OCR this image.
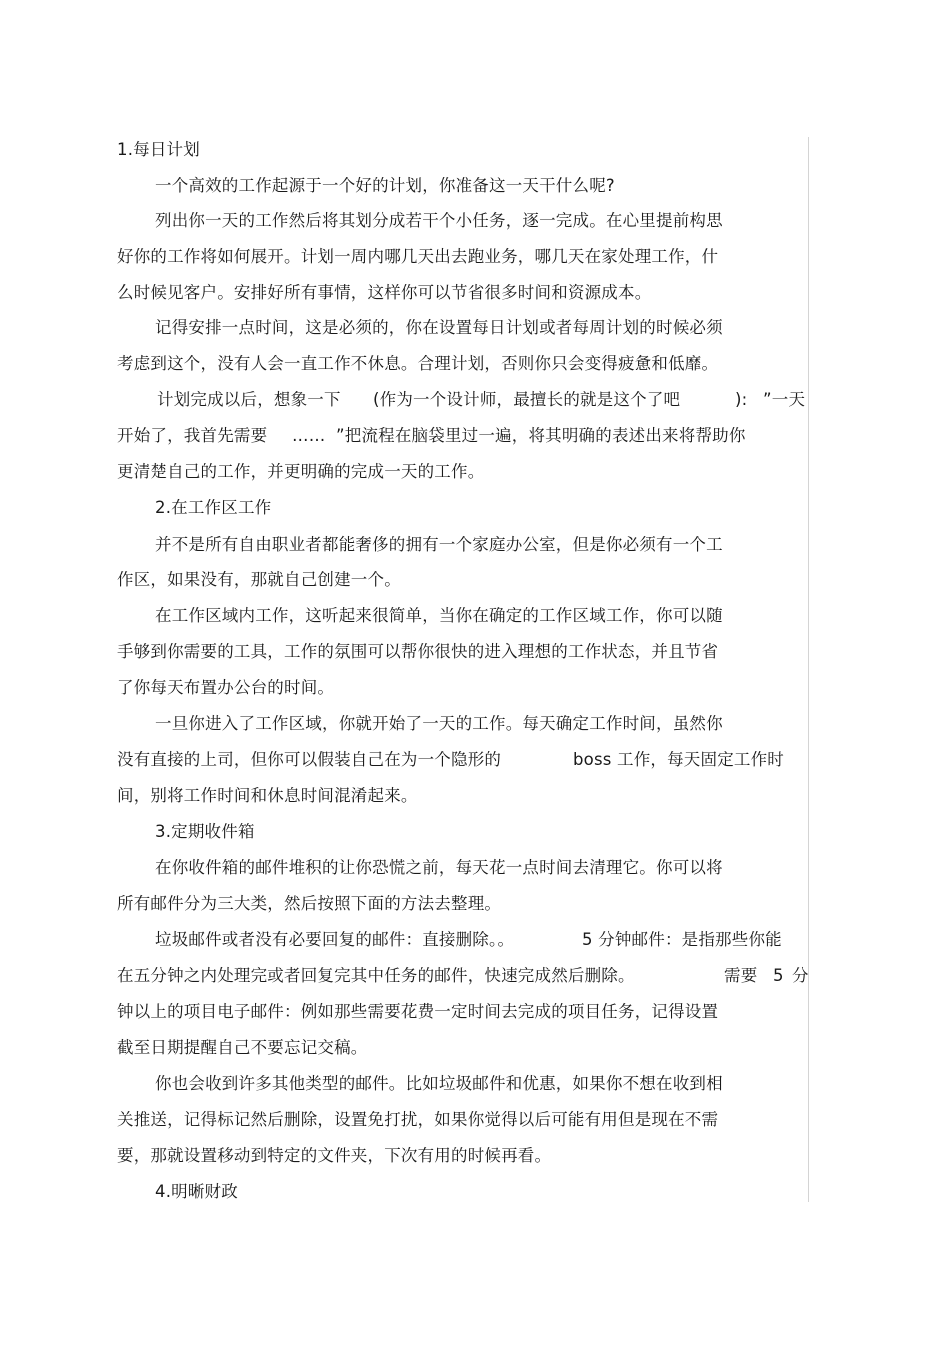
1.每日计划
一个高效的工作起源于一个好的计划，你准备这一天干什么呢?
列出你一天的工作然后将其划分成若干个小任务，逐一完成。在心里提前构思
好你的工作将如何展开。计划一周内哪几天出去跑业务，哪几天在家处理工作，什
么时候见客户。安排好所有事情，这样你可以节省很多时间和资源成本。
记得安排一点时间，这是必须的，你在设置每日计划或者每周计划的时候必须
考虑到这个，没有人会一直工作不休息。合理计划，否则你只会变得疲惫和低靡。
计划完成以后，想象一下 (作为一个设计师，最擅长的就是这个了吧	): ”一天
开始了，我首先需要 …… ”把流程在脑袋里过一遍，将其明确的表述出来将帮助你
更清楚自己的工作，并更明确的完成一天的工作。
2.在工作区工作
并不是所有自由职业者都能奢侈的拥有一个家庭办公室，但是你必须有一个工
作区，如果没有，那就自己创建一个。
在工作区域内工作，这听起来很简单，当你在确定的工作区域工作，你可以随
手够到你需要的工具，工作的氛围可以帮你很快的进入理想的工作状态，并且节省
了你每天布置办公台的时间。
一旦你进入了工作区域，你就开始了一天的工作。每天确定工作时间，虽然你
没有直接的上司，但你可以假装自己在为一个隐形的	boss 工作，每天固定工作时
间，别将工作时间和休息时间混淆起来。
3.定期收件箱
在你收件箱的邮件堆积的让你恐慌之前，每天花一点时间去清理它。你可以将
所有邮件分为三大类，然后按照下面的方法去整理。
垃圾邮件或者没有必要回复的邮件：直接删除。。	5 分钟邮件：是指那些你能
在五分钟之内处理完或者回复完其中任务的邮件，快速完成然后删除。	需要 5 分
钟以上的项目电子邮件：例如那些需要花费一定时间去完成的项目任务，记得设置
截至日期提醒自己不要忘记交稿。
你也会收到许多其他类型的邮件。比如垃圾邮件和优惠，如果你不想在收到相
关推送，记得标记然后删除，设置免打扰，如果你觉得以后可能有用但是现在不需
要，那就设置移动到特定的文件夹，下次有用的时候再看。
4.明晰财政
